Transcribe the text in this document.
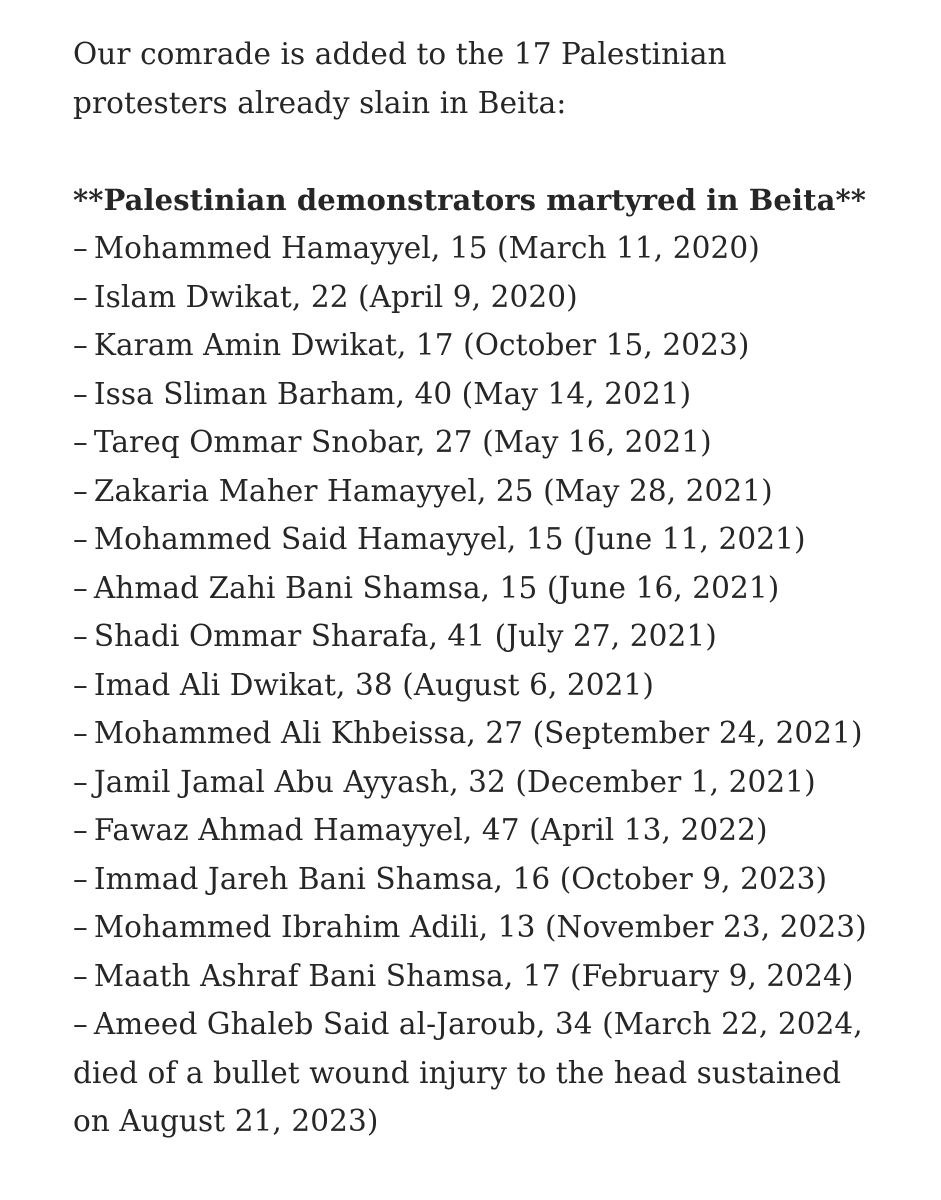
Our comrade is added to the 17 Palestinian protesters already slain in Beita:

**Palestinian demonstrators martyred in Beita**

– Mohammed Hamayyel, 15 (March 11, 2020)
– Islam Dwikat, 22 (April 9, 2020)
– Karam Amin Dwikat, 17 (October 15, 2023)
– Issa Sliman Barham, 40 (May 14, 2021)
– Tareq Ommar Snobar, 27 (May 16, 2021)
– Zakaria Maher Hamayyel, 25 (May 28, 2021)
– Mohammed Said Hamayyel, 15 (June 11, 2021)
– Ahmad Zahi Bani Shamsa, 15 (June 16, 2021)
– Shadi Ommar Sharafa, 41 (July 27, 2021)
– Imad Ali Dwikat, 38 (August 6, 2021)
– Mohammed Ali Khbeissa, 27 (September 24, 2021)
– Jamil Jamal Abu Ayyash, 32 (December 1, 2021)
– Fawaz Ahmad Hamayyel, 47 (April 13, 2022)
– Immad Jareh Bani Shamsa, 16 (October 9, 2023)
– Mohammed Ibrahim Adili, 13 (November 23, 2023)
– Maath Ashraf Bani Shamsa, 17 (February 9, 2024)
– Ameed Ghaleb Said al-Jaroub, 34 (March 22, 2024, died of a bullet wound injury to the head sustained on August 21, 2023)
